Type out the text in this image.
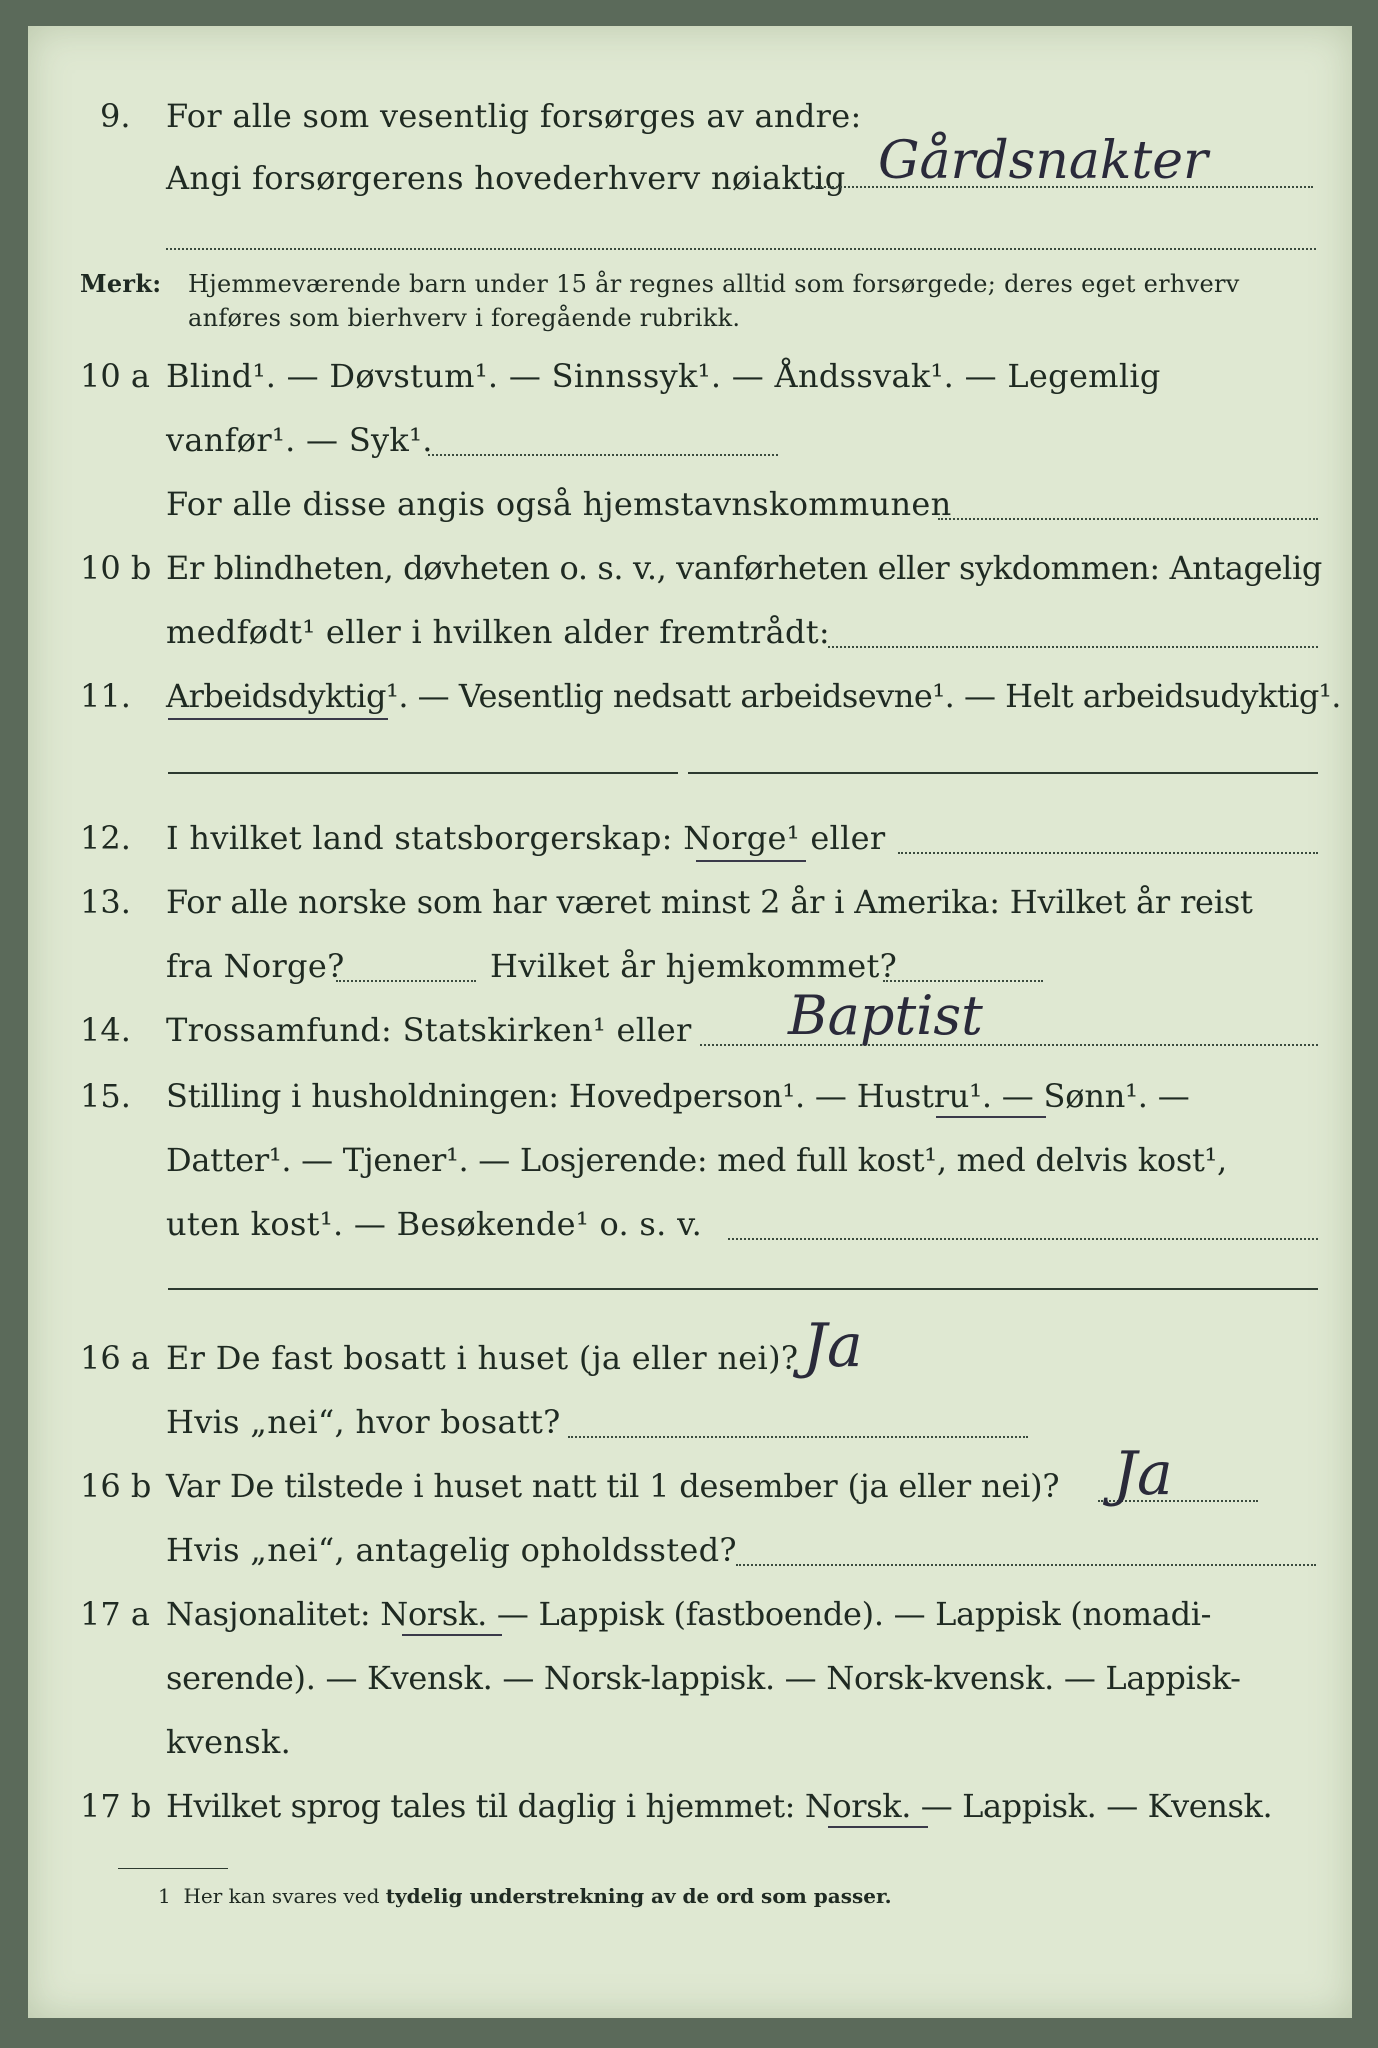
9. For alle som vesentlig forsørges av andre:
Angi forsørgerens hovederhverv nøiaktig Gårdsnakter
Merk: Hjemmeværende barn under 15 år regnes alltid som forsørgede; deres eget erhverv
anføres som bierhverv i foregående rubrikk.
10 a Blind¹. — Døvstum¹. — Sinnssyk¹. — Åndssvak¹. — Legemlig
vanfør¹. — Syk¹.
For alle disse angis også hjemstavnskommunen
10 b Er blindheten, døvheten o. s. v., vanførheten eller sykdommen: Antagelig
medfødt¹ eller i hvilken alder fremtrådt:
11. Arbeidsdyktig¹. — Vesentlig nedsatt arbeidsevne¹. — Helt arbeidsudyktig¹.
12. I hvilket land statsborgerskap: Norge¹ eller
13. For alle norske som har været minst 2 år i Amerika: Hvilket år reist
fra Norge?	Hvilket år hjemkommet?
14. Trossamfund: Statskirken¹ eller Baptist
15. Stilling i husholdningen: Hovedperson¹. — Hustru¹. — Sønn¹. —
Datter¹. — Tjener¹. — Losjerende: med full kost¹, med delvis kost¹,
uten kost¹. — Besøkende¹ o. s. v.
16 a Er De fast bosatt i huset (ja eller nei)? Ja
Hvis „nei“, hvor bosatt?
16 b Var De tilstede i huset natt til 1 desember (ja eller nei)? Ja
Hvis „nei“, antagelig opholdssted?
17 a Nasjonalitet: Norsk. — Lappisk (fastboende). — Lappisk (nomadi-
serende). — Kvensk. — Norsk-lappisk. — Norsk-kvensk. — Lappisk-
kvensk.
17 b Hvilket sprog tales til daglig i hjemmet: Norsk. — Lappisk. — Kvensk.
1 Her kan svares ved tydelig understrekning av de ord som passer.
